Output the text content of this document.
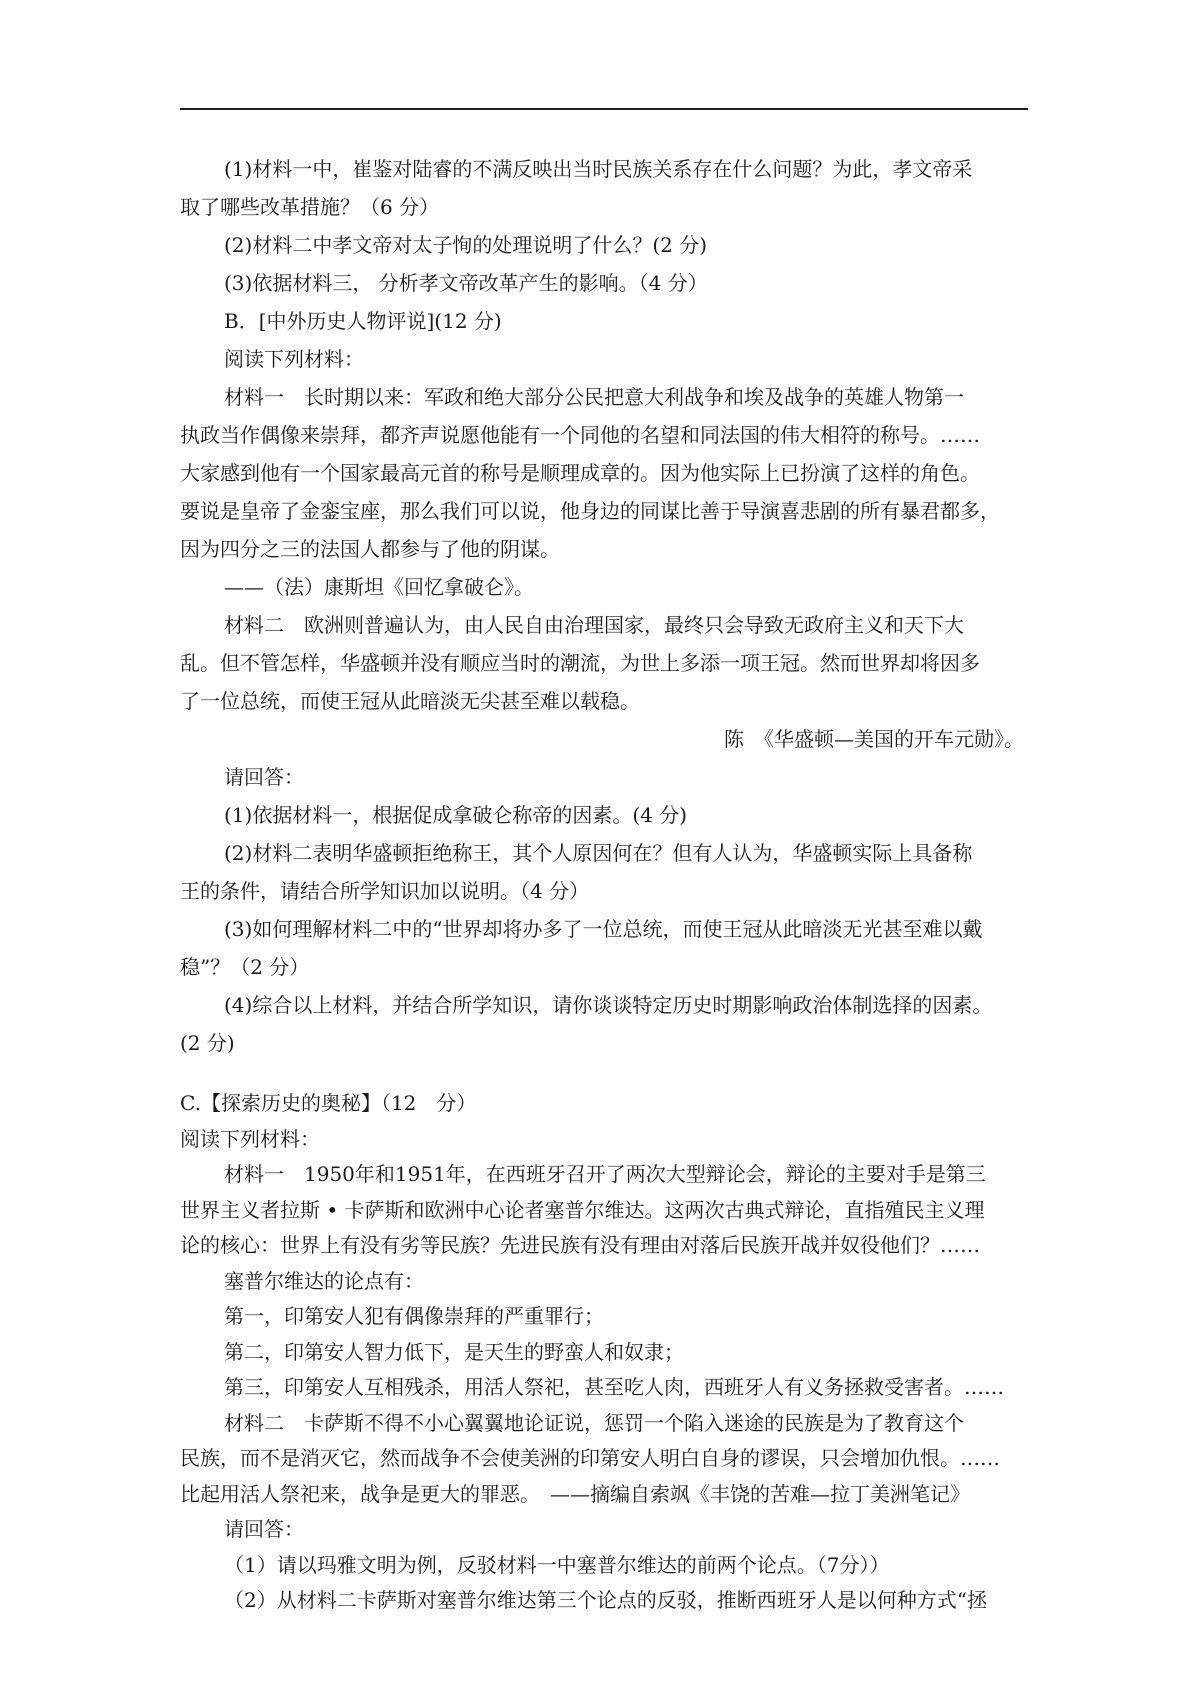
(1)材料一中，崔鉴对陆睿的不满反映出当时民族关系存在什么问题？为此，孝文帝采
取了哪些改革措施？（6 分）
(2)材料二中孝文帝对太子恂的处理说明了什么？(2 分)
(3)依据材料三， 分析孝文帝改革产生的影响。（4 分）
B．[中外历史人物评说](12 分)
阅读下列材料：
材料一　长时期以来：军政和绝大部分公民把意大利战争和埃及战争的英雄人物第一
执政当作偶像来崇拜，都齐声说愿他能有一个同他的名望和同法国的伟大相符的称号。……
大家感到他有一个国家最高元首的称号是顺理成章的。因为他实际上已扮演了这样的角色。
要说是皇帝了金銮宝座，那么我们可以说，他身边的同谋比善于导演喜悲剧的所有暴君都多，
因为四分之三的法国人都参与了他的阴谋。
——（法）康斯坦《回忆拿破仑》。
材料二　欧洲则普遍认为，由人民自由治理国家，最终只会导致无政府主义和天下大
乱。但不管怎样，华盛顿并没有顺应当时的潮流，为世上多添一项王冠。然而世界却将因多
了一位总统，而使王冠从此暗淡无尖甚至难以载稳。
陈　《华盛顿—美国的开车元勋》。
请回答：
(1)依据材料一，根据促成拿破仑称帝的因素。(4 分)
(2)材料二表明华盛顿拒绝称王，其个人原因何在？但有人认为，华盛顿实际上具备称
王的条件，请结合所学知识加以说明。（4 分）
(3)如何理解材料二中的“世界却将办多了一位总统，而使王冠从此暗淡无光甚至难以戴
稳”？（2 分）
(4)综合以上材料，并结合所学知识，请你谈谈特定历史时期影响政治体制选择的因素。
(2 分)
C.【探索历史的奥秘】（12　分）
阅读下列材料：
材料一　1950年和1951年，在西班牙召开了两次大型辩论会，辩论的主要对手是第三
世界主义者拉斯 • 卡萨斯和欧洲中心论者塞普尔维达。这两次古典式辩论，直指殖民主义理
论的核心：世界上有没有劣等民族？先进民族有没有理由对落后民族开战并奴役他们？……
塞普尔维达的论点有：
第一，印第安人犯有偶像崇拜的严重罪行；
第二，印第安人智力低下，是天生的野蛮人和奴隶；
第三，印第安人互相残杀，用活人祭祀，甚至吃人肉，西班牙人有义务拯救受害者。……
材料二　卡萨斯不得不小心翼翼地论证说，惩罚一个陷入迷途的民族是为了教育这个
民族，而不是消灭它，然而战争不会使美洲的印第安人明白自身的谬误，只会增加仇恨。……
比起用活人祭祀来，战争是更大的罪恶。　——摘编自索飒《丰饶的苦难—拉丁美洲笔记》
请回答：
（1）请以玛雅文明为例，反驳材料一中塞普尔维达的前两个论点。（7分））
（2）从材料二卡萨斯对塞普尔维达第三个论点的反驳，推断西班牙人是以何种方式“拯
